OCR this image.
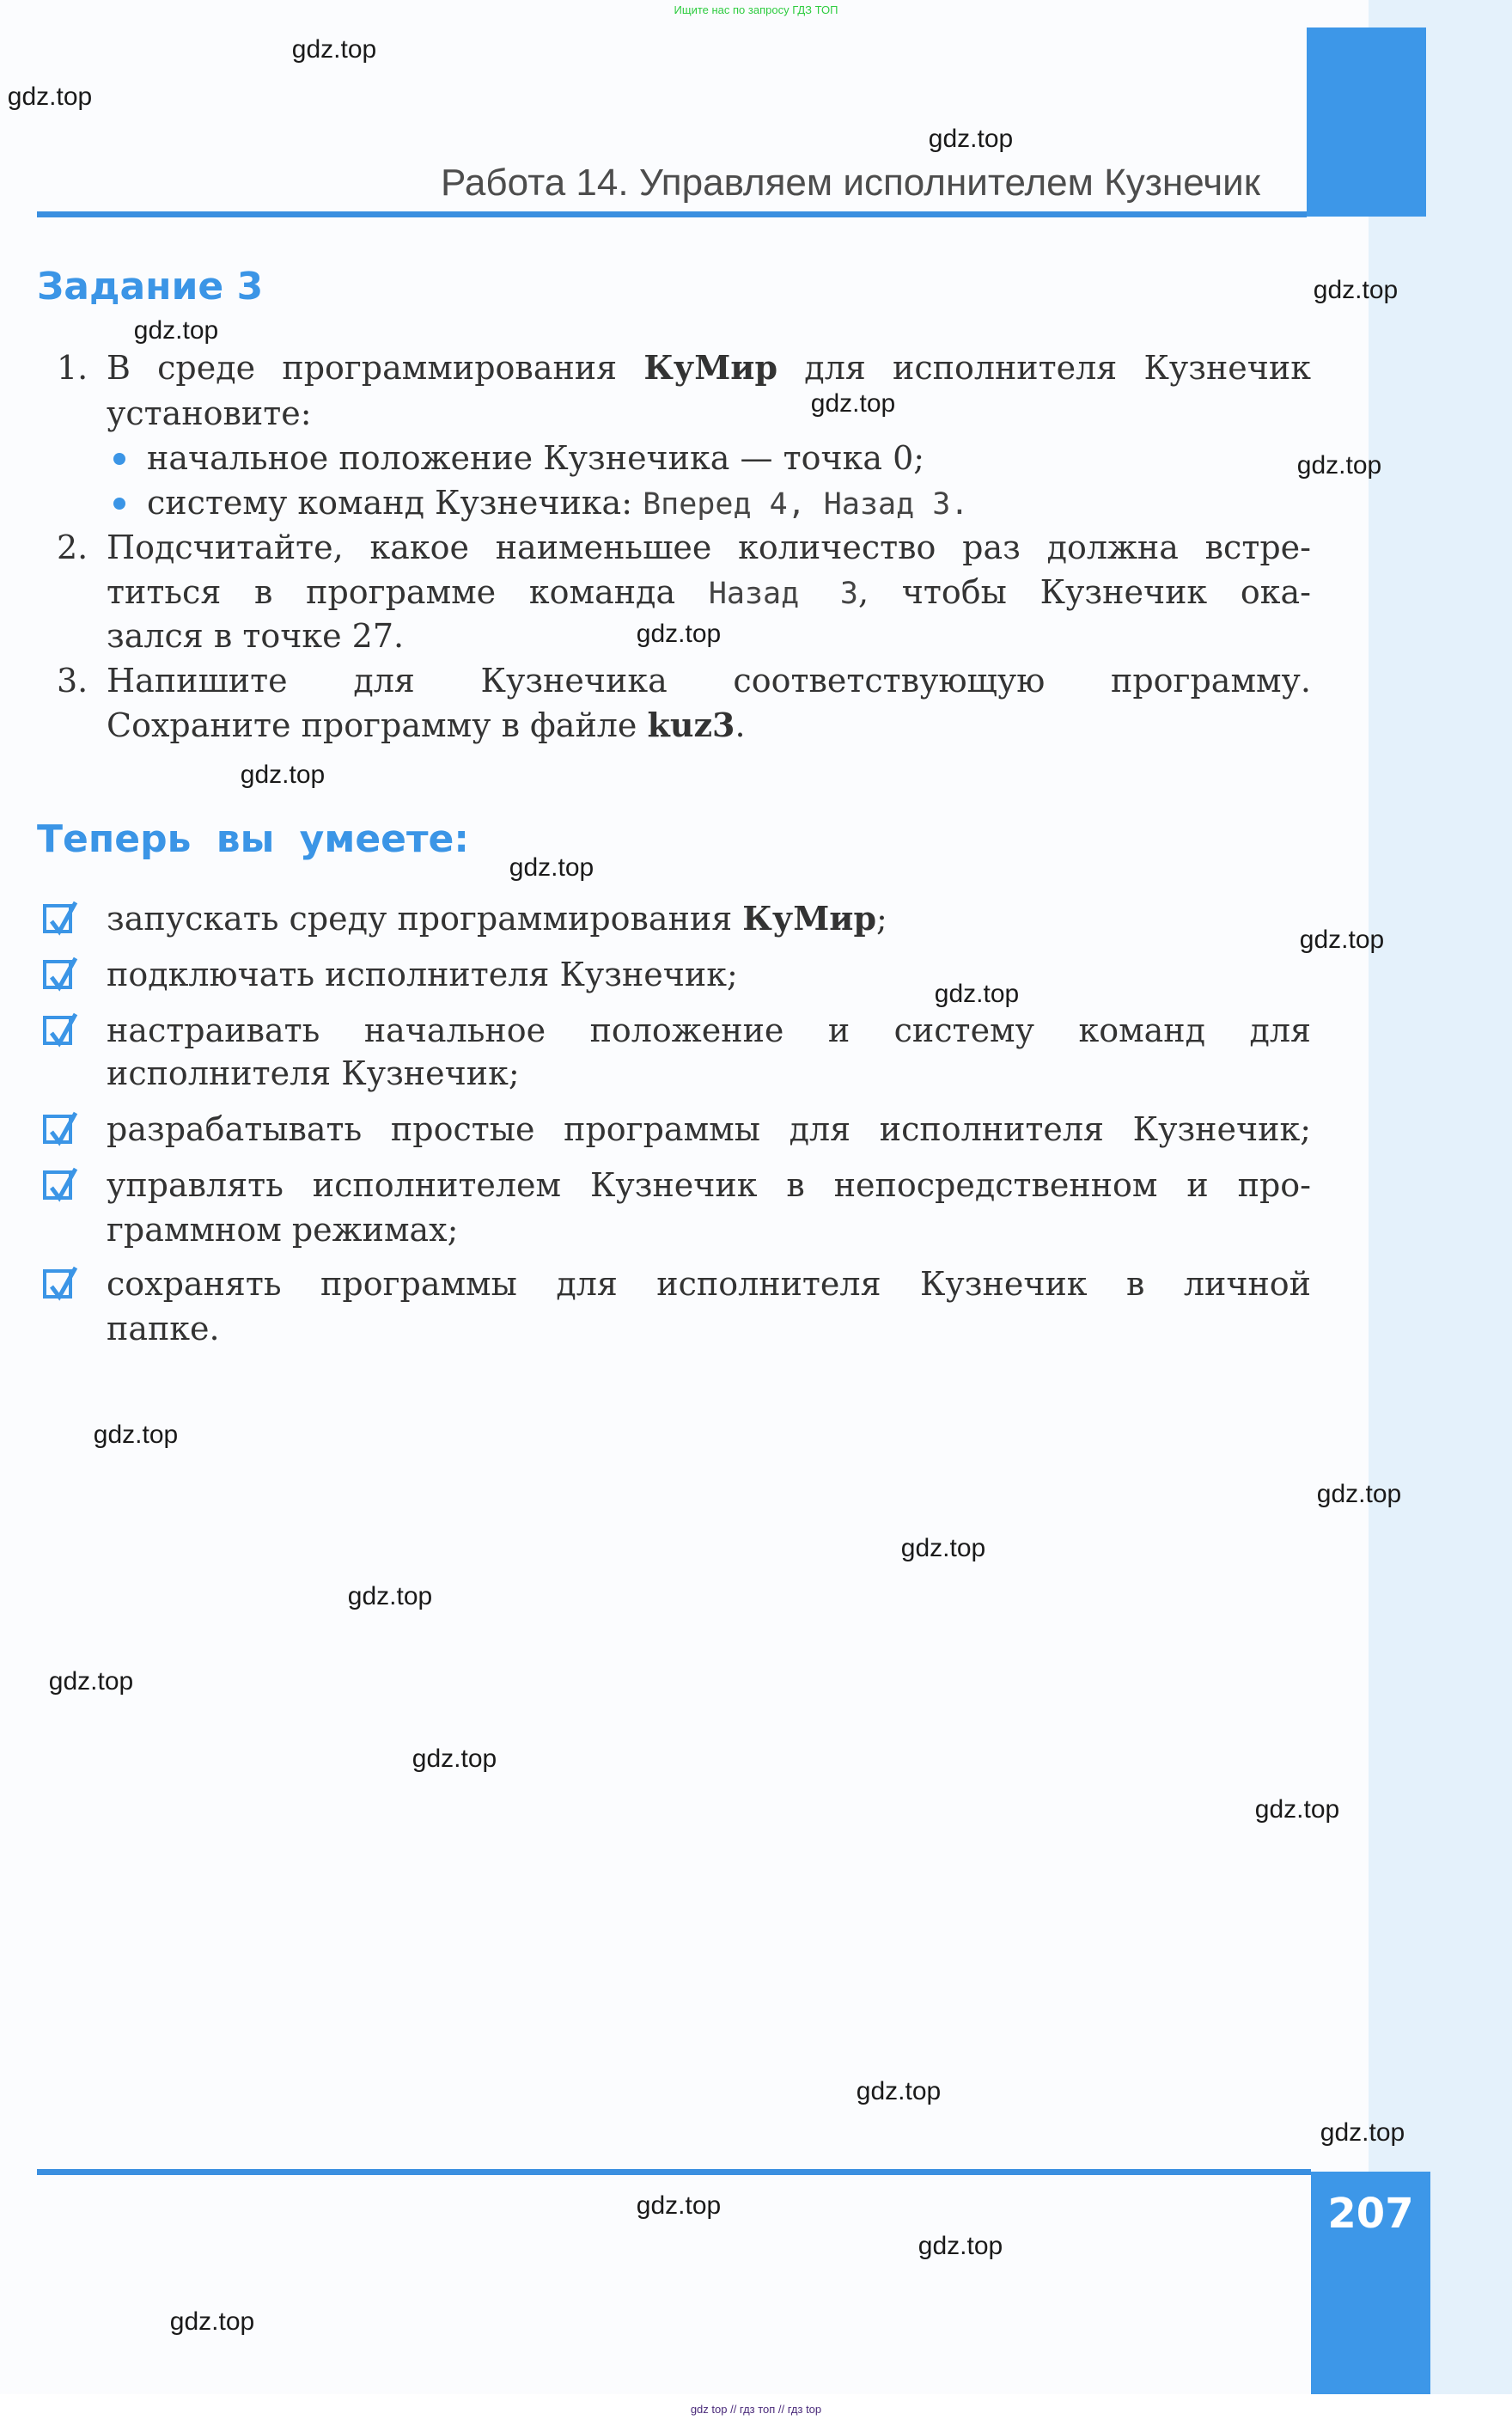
Ищите нас по запросу ГДЗ ТОП
Работа 14. Управляем исполнителем Кузнечик
Задание 3
1. В среде программирования КуМир для исполнителя Кузнечик
установите:
начальное положение Кузнечика — точка 0;
систему команд Кузнечика: Вперед 4, Назад 3.
2. Подсчитайте, какое наименьшее количество раз должна встре-
титься в программе команда Назад 3, чтобы Кузнечик ока-
зался в точке 27.
3. Напишите для Кузнечика соответствующую программу.
Сохраните программу в файле kuz3.
Теперь вы умеете:
запускать среду программирования КуМир;
подключать исполнителя Кузнечик;
настраивать начальное положение и систему команд для
исполнителя Кузнечик;
разрабатывать простые программы для исполнителя Кузнечик;
управлять исполнителем Кузнечик в непосредственном и про-
граммном режимах;
сохранять программы для исполнителя Кузнечик в личной
папке.
207
gdz top // гдз топ // гдз top
gdz.top
gdz.top
gdz.top
gdz.top
gdz.top
gdz.top
gdz.top
gdz.top
gdz.top
gdz.top
gdz.top
gdz.top
gdz.top
gdz.top
gdz.top
gdz.top
gdz.top
gdz.top
gdz.top
gdz.top
gdz.top
gdz.top
gdz.top
gdz.top
